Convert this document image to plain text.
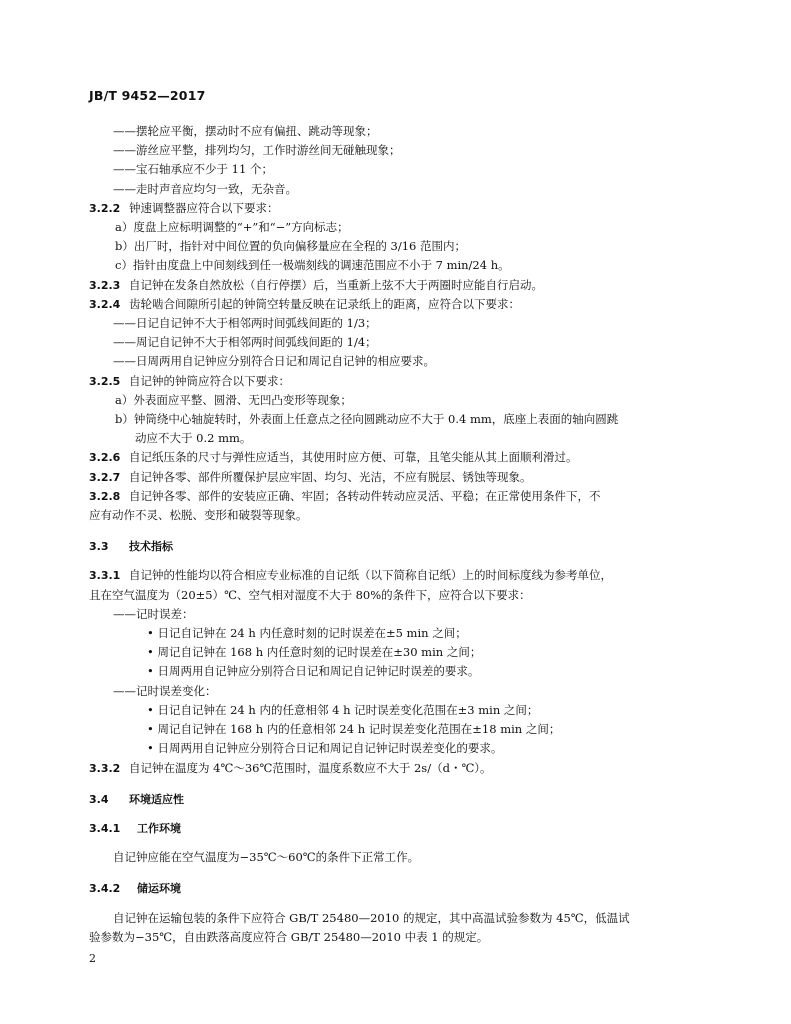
JB/T 9452—2017
——摆轮应平衡，摆动时不应有偏扭、跳动等现象；
——游丝应平整，排列均匀，工作时游丝间无碰触现象；
——宝石轴承应不少于 11 个；
——走时声音应均匀一致，无杂音。
3.2.2 钟速调整器应符合以下要求：
a）度盘上应标明调整的“+”和“−”方向标志；
b）出厂时，指针对中间位置的负向偏移量应在全程的 3/16 范围内；
c）指针由度盘上中间刻线到任一极端刻线的调速范围应不小于 7 min/24 h。
3.2.3 自记钟在发条自然放松（自行停摆）后，当重新上弦不大于两圈时应能自行启动。
3.2.4 齿轮啮合间隙所引起的钟筒空转量反映在记录纸上的距离，应符合以下要求：
——日记自记钟不大于相邻两时间弧线间距的 1/3；
——周记自记钟不大于相邻两时间弧线间距的 1/4；
——日周两用自记钟应分别符合日记和周记自记钟的相应要求。
3.2.5 自记钟的钟筒应符合以下要求：
a）外表面应平整、圆滑、无凹凸变形等现象；
b）钟筒绕中心轴旋转时，外表面上任意点之径向圆跳动应不大于 0.4 mm，底座上表面的轴向圆跳
动应不大于 0.2 mm。
3.2.6 自记纸压条的尺寸与弹性应适当，其使用时应方便、可靠，且笔尖能从其上面顺利滑过。
3.2.7 自记钟各零、部件所覆保护层应牢固、均匀、光洁，不应有脱层、锈蚀等现象。
3.2.8 自记钟各零、部件的安装应正确、牢固；各转动件转动应灵活、平稳；在正常使用条件下，不
应有动作不灵、松脱、变形和破裂等现象。
3.3 技术指标
3.3.1 自记钟的性能均以符合相应专业标准的自记纸（以下简称自记纸）上的时间标度线为参考单位，
且在空气温度为（20±5）℃、空气相对湿度不大于 80%的条件下，应符合以下要求：
——记时误差：
• 日记自记钟在 24 h 内任意时刻的记时误差在±5 min 之间；
• 周记自记钟在 168 h 内任意时刻的记时误差在±30 min 之间；
• 日周两用自记钟应分别符合日记和周记自记钟记时误差的要求。
——记时误差变化：
• 日记自记钟在 24 h 内的任意相邻 4 h 记时误差变化范围在±3 min 之间；
• 周记自记钟在 168 h 内的任意相邻 24 h 记时误差变化范围在±18 min 之间；
• 日周两用自记钟应分别符合日记和周记自记钟记时误差变化的要求。
3.3.2 自记钟在温度为 4℃～36℃范围时，温度系数应不大于 2s/（d・℃）。
3.4 环境适应性
3.4.1 工作环境
自记钟应能在空气温度为−35℃～60℃的条件下正常工作。
3.4.2 储运环境
自记钟在运输包装的条件下应符合 GB/T 25480—2010 的规定，其中高温试验参数为 45℃，低温试
验参数为−35℃，自由跌落高度应符合 GB/T 25480—2010 中表 1 的规定。
2
